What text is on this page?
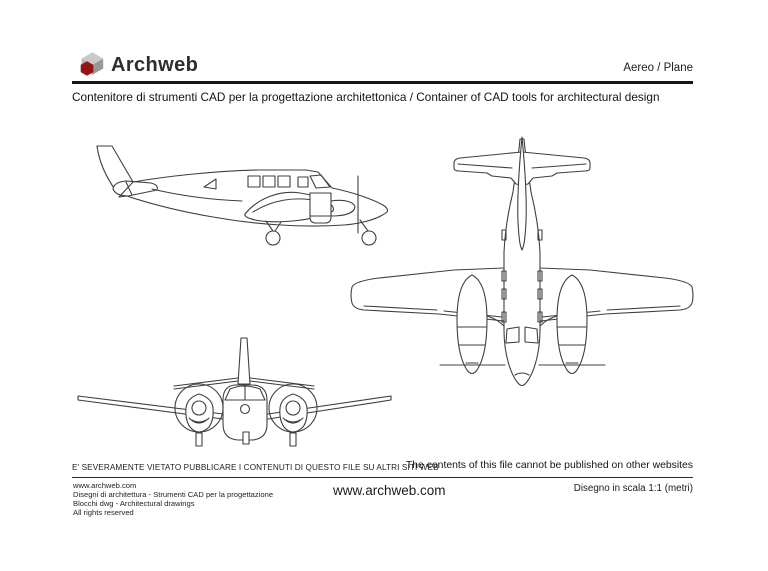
Archweb	Aereo / Plane
Contenitore di strumenti CAD per la progettazione architettonica / Container of CAD tools for architectural design
E' SEVERAMENTE VIETATO PUBBLICARE I CONTENUTI DI QUESTO FILE SU ALTRI SITI WEB
The contents of this file cannot be published on other websites
www.archweb.com
Disegni di architettura - Strumenti CAD per la progettazione
Blocchi dwg - Architectural drawings
All rights reserved
www.archweb.com	Disegno in scala 1:1 (metri)
